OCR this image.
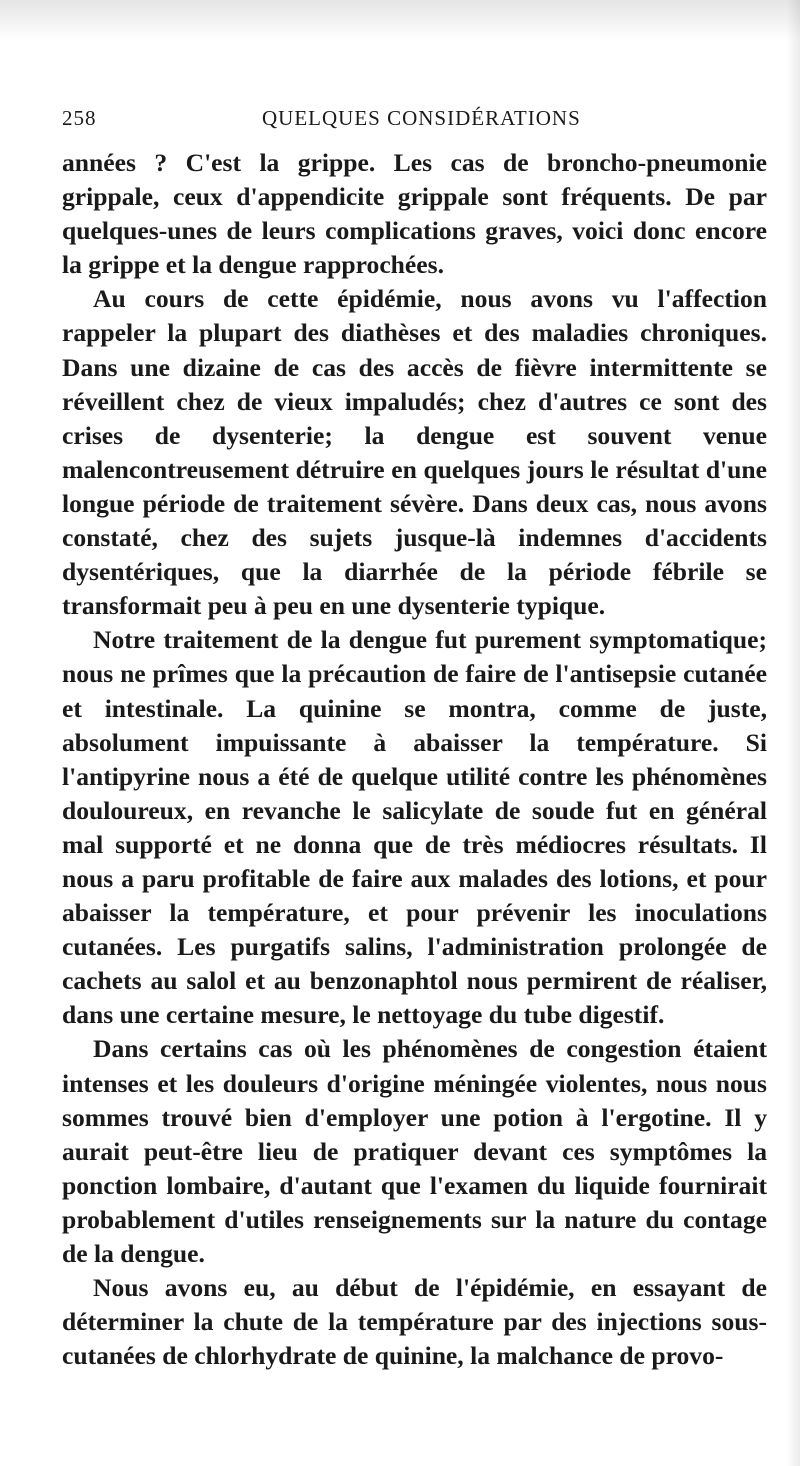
258	QUELQUES CONSIDÉRATIONS

années ? C'est la grippe. Les cas de broncho-pneumonie grippale, ceux d'appendicite grippale sont fréquents. De par quelques-unes de leurs complications graves, voici donc encore la grippe et la dengue rapprochées.

Au cours de cette épidémie, nous avons vu l'affection rappeler la plupart des diathèses et des maladies chroniques. Dans une dizaine de cas des accès de fièvre intermittente se réveillent chez de vieux impaludés; chez d'autres ce sont des crises de dysenterie; la dengue est souvent venue malencontreusement détruire en quelques jours le résultat d'une longue période de traitement sévère. Dans deux cas, nous avons constaté, chez des sujets jusque-là indemnes d'accidents dysentériques, que la diarrhée de la période fébrile se transformait peu à peu en une dysenterie typique.

Notre traitement de la dengue fut purement symptomatique; nous ne prîmes que la précaution de faire de l'antisepsie cutanée et intestinale. La quinine se montra, comme de juste, absolument impuissante à abaisser la température. Si l'antipyrine nous a été de quelque utilité contre les phénomènes douloureux, en revanche le salicylate de soude fut en général mal supporté et ne donna que de très médiocres résultats. Il nous a paru profitable de faire aux malades des lotions, et pour abaisser la température, et pour prévenir les inoculations cutanées. Les purgatifs salins, l'administration prolongée de cachets au salol et au benzonaphtol nous permirent de réaliser, dans une certaine mesure, le nettoyage du tube digestif.

Dans certains cas où les phénomènes de congestion étaient intenses et les douleurs d'origine méningée violentes, nous nous sommes trouvé bien d'employer une potion à l'ergotine. Il y aurait peut-être lieu de pratiquer devant ces symptômes la ponction lombaire, d'autant que l'examen du liquide fournirait probablement d'utiles renseignements sur la nature du contage de la dengue.

Nous avons eu, au début de l'épidémie, en essayant de déterminer la chute de la température par des injections sous-cutanées de chlorhydrate de quinine, la malchance de provo-
